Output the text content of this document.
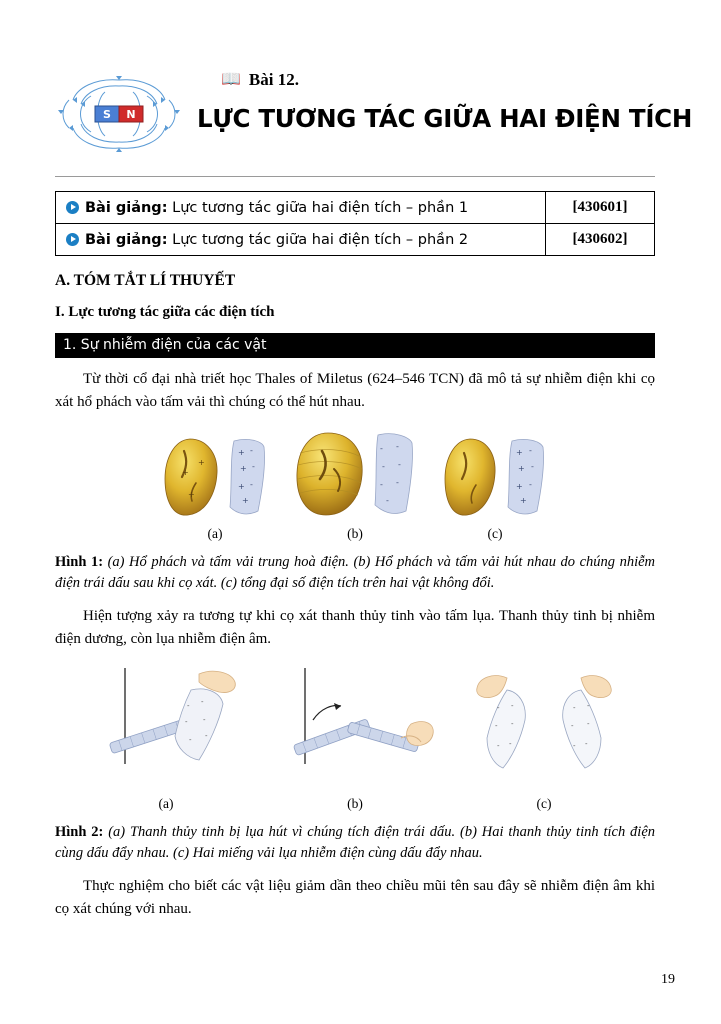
S N
📖 Bài 12.
LỰC TƯƠNG TÁC GIỮA HAI ĐIỆN TÍCH
Bài giảng: Lực tương tác giữa hai điện tích – phần 1	[430601]
Bài giảng: Lực tương tác giữa hai điện tích – phần 2	[430602]
A. TÓM TẮT LÍ THUYẾT
I. Lực tương tác giữa các điện tích
1. Sự nhiễm điện của các vật

Từ thời cổ đại nhà triết học Thales of Miletus (624–546 TCN) đã mô tả sự nhiễm điện khi cọ xát hổ phách vào tấm vải thì chúng có thể hút nhau.

+
+
+
+ -
+ -
+ -
+
(a)
- -
- -
- -
-
(b)
+ -
+ -
+ -
+
(c)

Hình 1: (a) Hổ phách và tấm vải trung hoà điện. (b) Hổ phách và tấm vải hút nhau do chúng nhiễm điện trái dấu sau khi cọ xát. (c) tổng đại số điện tích trên hai vật không đổi.

Hiện tượng xảy ra tương tự khi cọ xát thanh thủy tinh vào tấm lụa. Thanh thủy tinh bị nhiễm điện dương, còn lụa nhiễm điện âm.

- -
- -
- -
(a)	(b)
- -
- -
- -
- -
- -
- -
(c)

Hình 2: (a) Thanh thủy tinh bị lụa hút vì chúng tích điện trái dấu. (b) Hai thanh thủy tinh tích điện cùng dấu đẩy nhau. (c) Hai miếng vải lụa nhiễm điện cùng dấu đẩy nhau.

Thực nghiệm cho biết các vật liệu giảm dần theo chiều mũi tên sau đây sẽ nhiễm điện âm khi cọ xát chúng với nhau.

19
